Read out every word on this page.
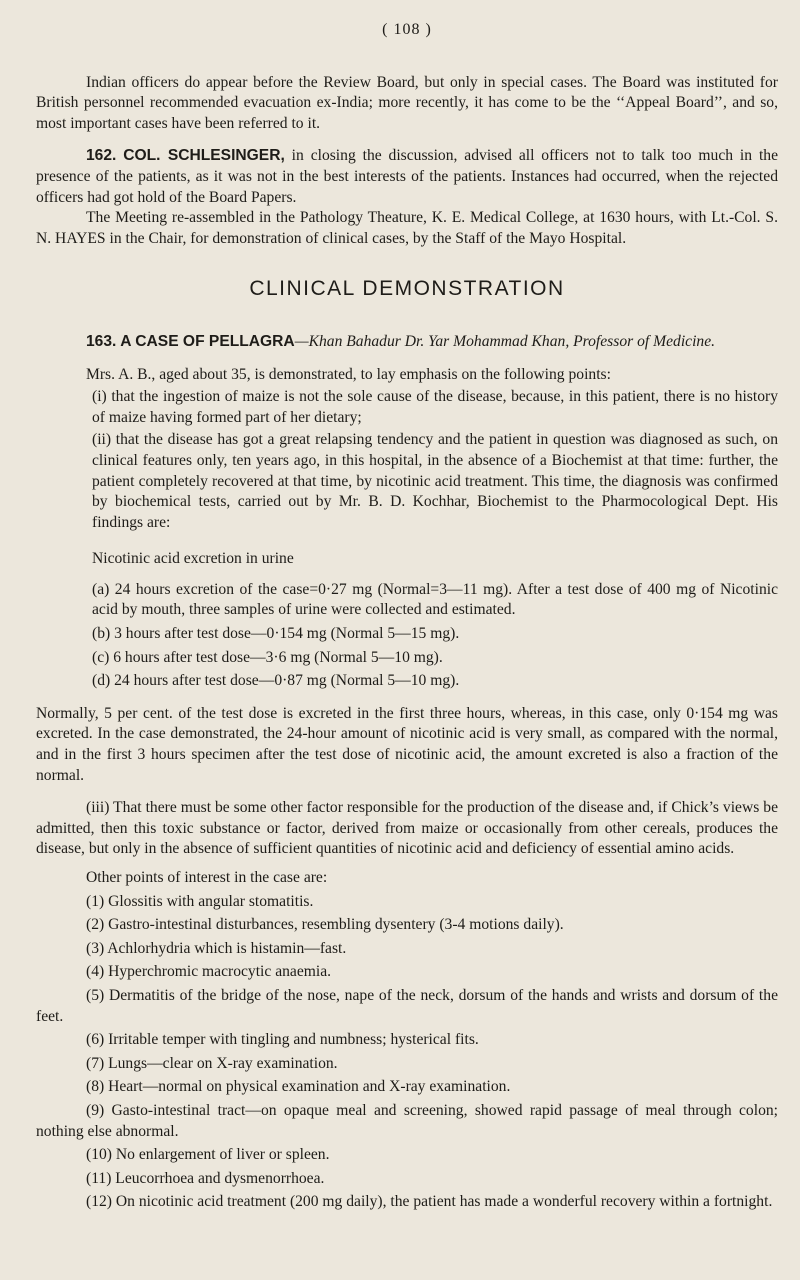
( 108 )

Indian officers do appear before the Review Board, but only in special cases. The Board was instituted for British personnel recommended evacuation ex-India; more recently, it has come to be the ‘‘Appeal Board’’, and so, most important cases have been referred to it.

162. COL. SCHLESINGER, in closing the discussion, advised all officers not to talk too much in the presence of the patients, as it was not in the best interests of the patients. Instances had occurred, when the rejected officers had got hold of the Board Papers.

The Meeting re-assembled in the Pathology Theature, K. E. Medical College, at 1630 hours, with Lt.-Col. S. N. HAYES in the Chair, for demonstration of clinical cases, by the Staff of the Mayo Hospital.

CLINICAL DEMONSTRATION

163. A CASE OF PELLAGRA—Khan Bahadur Dr. Yar Mohammad Khan, Professor of Medicine.

Mrs. A. B., aged about 35, is demonstrated, to lay emphasis on the following points:

(i) that the ingestion of maize is not the sole cause of the disease, because, in this patient, there is no history of maize having formed part of her dietary;

(ii) that the disease has got a great relapsing tendency and the patient in question was diagnosed as such, on clinical features only, ten years ago, in this hospital, in the absence of a Biochemist at that time: further, the patient completely recovered at that time, by nicotinic acid treatment. This time, the diagnosis was confirmed by biochemical tests, carried out by Mr. B. D. Kochhar, Biochemist to the Pharmocological Dept. His findings are:

Nicotinic acid excretion in urine

(a) 24 hours excretion of the case=0·27 mg (Normal=3—11 mg). After a test dose of 400 mg of Nicotinic acid by mouth, three samples of urine were collected and estimated.

(b) 3 hours after test dose—0·154 mg (Normal 5—15 mg).

(c) 6 hours after test dose—3·6 mg (Normal 5—10 mg).

(d) 24 hours after test dose—0·87 mg (Normal 5—10 mg).

Normally, 5 per cent. of the test dose is excreted in the first three hours, whereas, in this case, only 0·154 mg was excreted. In the case demonstrated, the 24-hour amount of nicotinic acid is very small, as compared with the normal, and in the first 3 hours specimen after the test dose of nicotinic acid, the amount excreted is also a fraction of the normal.

(iii) That there must be some other factor responsible for the production of the disease and, if Chick’s views be admitted, then this toxic substance or factor, derived from maize or occasionally from other cereals, produces the disease, but only in the absence of sufficient quantities of nicotinic acid and deficiency of essential amino acids.

Other points of interest in the case are:

(1) Glossitis with angular stomatitis.

(2) Gastro-intestinal disturbances, resembling dysentery (3-4 motions daily).

(3) Achlorhydria which is histamin—fast.

(4) Hyperchromic macrocytic anaemia.

(5) Dermatitis of the bridge of the nose, nape of the neck, dorsum of the hands and wrists and dorsum of the feet.

(6) Irritable temper with tingling and numbness; hysterical fits.

(7) Lungs—clear on X-ray examination.

(8) Heart—normal on physical examination and X-ray examination.

(9) Gasto-intestinal tract—on opaque meal and screening, showed rapid passage of meal through colon; nothing else abnormal.

(10) No enlargement of liver or spleen.

(11) Leucorrhoea and dysmenorrhoea.

(12) On nicotinic acid treatment (200 mg daily), the patient has made a wonderful recovery within a fortnight.
